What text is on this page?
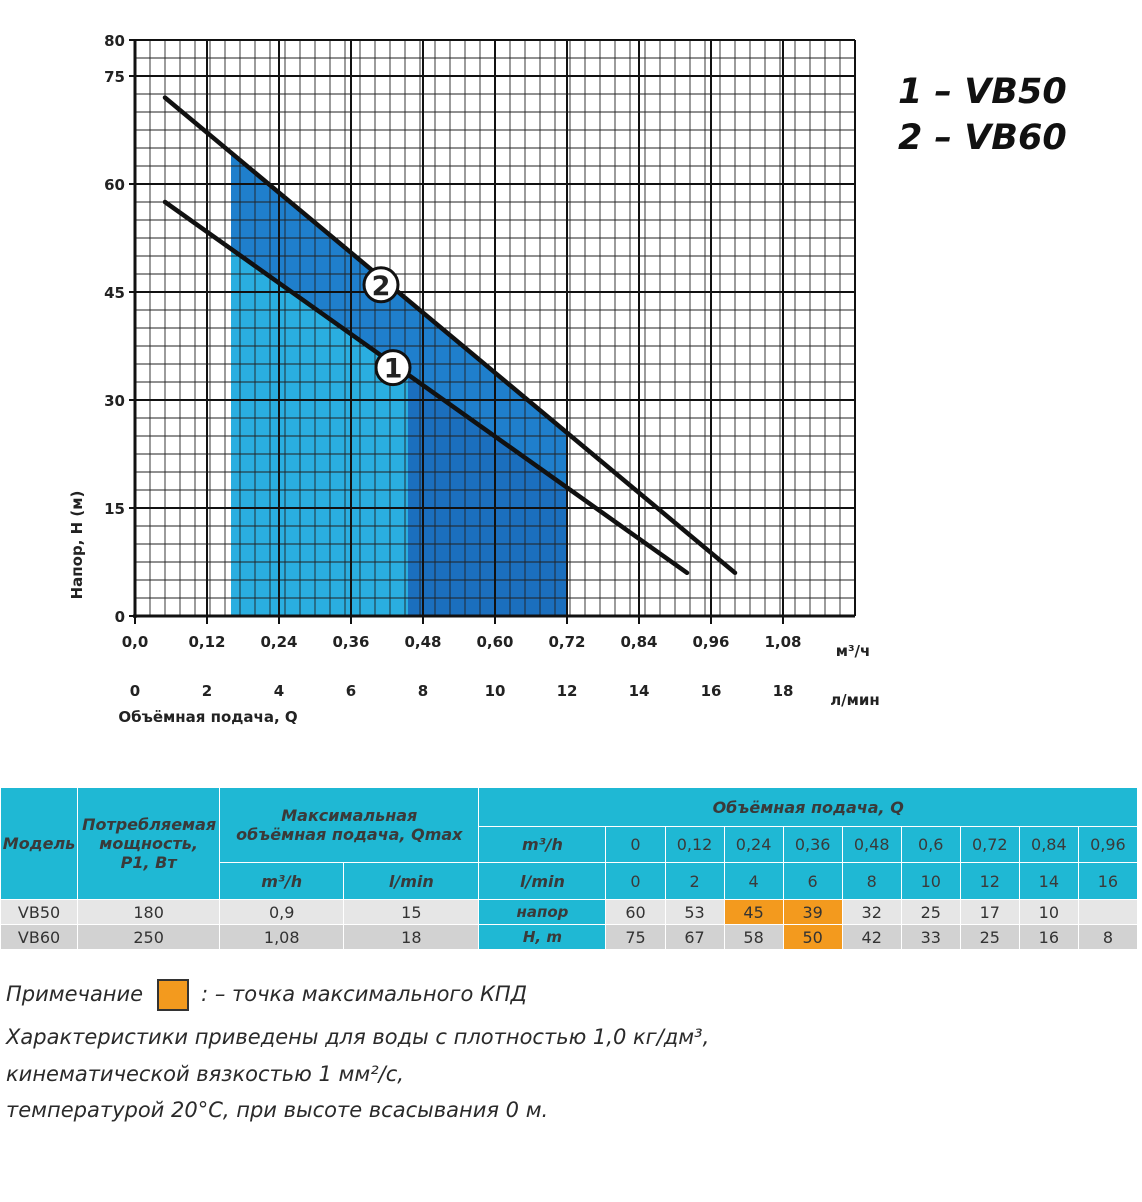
2
1
0
15
30
45
60
75
80
0,0
0
0,12
2
0,24
4
0,36
6
0,48
8
0,60
10
0,72
12
0,84
14
0,96
16
1,08
18
м³/ч
л/мин
Объёмная подача, Q
Напор, H (м)
1 – VB50
2 – VB60
Модель	Потребляемая мощность, P1, Вт	Максимальная объёмная подача, Qmax		Объёмная подача, Q									
				m³/h	0	0,12	0,24	0,36	0,48	0,6	0,72	0,84	0,96
		m³/h	l/min	l/min	0	2	4	6	8	10	12	14	16
VB50	180	0,9	15	напор	60	53	45	39	32	25	17	10	
VB60	250	1,08	18	H, m	75	67	58	50	42	33	25	16	8
Примечание	: – точка максимального КПД
Характеристики приведены для воды с плотностью 1,0 кг/дм³,
кинематической вязкостью 1 мм²/с,
температурой 20°С, при высоте всасывания 0 м.
